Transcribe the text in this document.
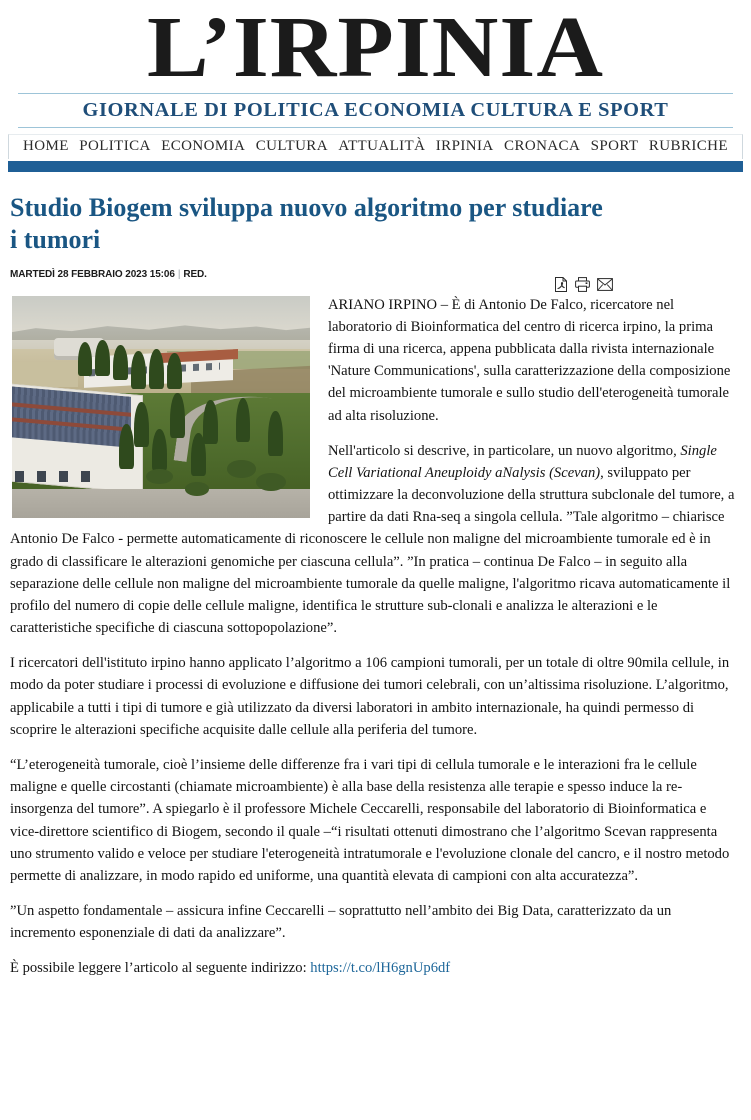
L’IRPINIA
GIORNALE DI POLITICA ECONOMIA CULTURA E SPORT
HOME POLITICA ECONOMIA CULTURA ATTUALITÀ IRPINIA CRONACA SPORT RUBRICHE
Studio Biogem sviluppa nuovo algoritmo per studiare i tumori
MARTEDÌ 28 FEBBRAIO 2023 15:06 | RED.

ARIANO IRPINO – È di Antonio De Falco, ricercatore nel laboratorio di Bioinformatica del centro di ricerca irpino, la prima firma di una ricerca, appena pubblicata dalla rivista internazionale 'Nature Communications', sulla caratterizzazione della composizione del microambiente tumorale e sullo studio dell'eterogeneità tumorale ad alta risoluzione.

Nell'articolo si descrive, in particolare, un nuovo algoritmo, Single Cell Variational Aneuploidy aNalysis (Scevan), sviluppato per ottimizzare la deconvoluzione della struttura subclonale del tumore, a partire da dati Rna-seq a singola cellula. ”Tale algoritmo – chiarisce Antonio De Falco - permette automaticamente di riconoscere le cellule non maligne del microambiente tumorale ed è in grado di classificare le alterazioni genomiche per ciascuna cellula”. ”In pratica – continua De Falco – in seguito alla separazione delle cellule non maligne del microambiente tumorale da quelle maligne, l'algoritmo ricava automaticamente il profilo del numero di copie delle cellule maligne, identifica le strutture sub-clonali e analizza le alterazioni e le caratteristiche specifiche di ciascuna sottopopolazione”.

I ricercatori dell'istituto irpino hanno applicato l’algoritmo a 106 campioni tumorali, per un totale di oltre 90mila cellule, in modo da poter studiare i processi di evoluzione e diffusione dei tumori celebrali, con un’altissima risoluzione. L’algoritmo, applicabile a tutti i tipi di tumore e già utilizzato da diversi laboratori in ambito internazionale, ha quindi permesso di scoprire le alterazioni specifiche acquisite dalle cellule alla periferia del tumore.

“L’eterogeneità tumorale, cioè l’insieme delle differenze fra i vari tipi di cellula tumorale e le interazioni fra le cellule maligne e quelle circostanti (chiamate microambiente) è alla base della resistenza alle terapie e spesso induce la re-insorgenza del tumore”. A spiegarlo è il professore Michele Ceccarelli, responsabile del laboratorio di Bioinformatica e vice-direttore scientifico di Biogem, secondo il quale –“i risultati ottenuti dimostrano che l’algoritmo Scevan rappresenta uno strumento valido e veloce per studiare l'eterogeneità intratumorale e l'evoluzione clonale del cancro, e il nostro metodo permette di analizzare, in modo rapido ed uniforme, una quantità elevata di campioni con alta accuratezza”.

”Un aspetto fondamentale – assicura infine Ceccarelli – soprattutto nell’ambito dei Big Data, caratterizzato da un incremento esponenziale di dati da analizzare”.

È possibile leggere l’articolo al seguente indirizzo: https://t.co/lH6gnUp6df
